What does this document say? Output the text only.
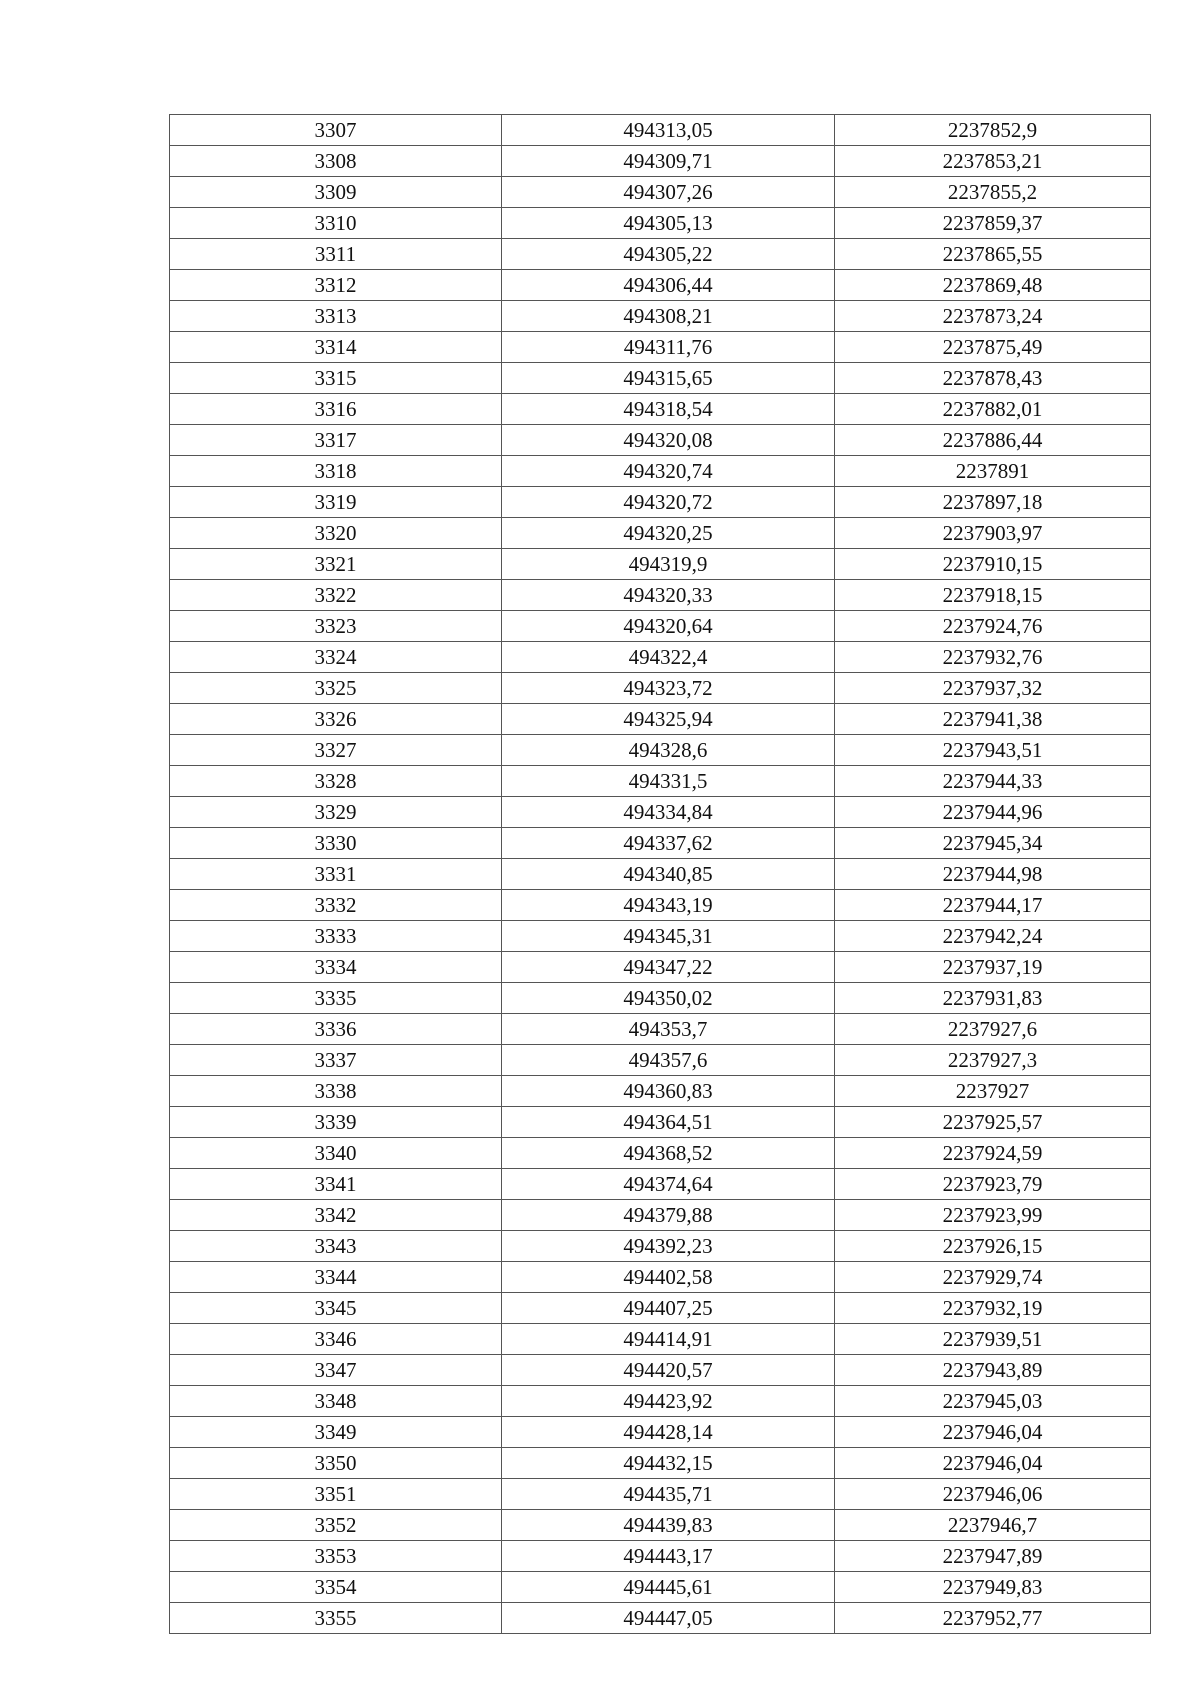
3307	494313,05	2237852,9
3308	494309,71	2237853,21
3309	494307,26	2237855,2
3310	494305,13	2237859,37
3311	494305,22	2237865,55
3312	494306,44	2237869,48
3313	494308,21	2237873,24
3314	494311,76	2237875,49
3315	494315,65	2237878,43
3316	494318,54	2237882,01
3317	494320,08	2237886,44
3318	494320,74	2237891
3319	494320,72	2237897,18
3320	494320,25	2237903,97
3321	494319,9	2237910,15
3322	494320,33	2237918,15
3323	494320,64	2237924,76
3324	494322,4	2237932,76
3325	494323,72	2237937,32
3326	494325,94	2237941,38
3327	494328,6	2237943,51
3328	494331,5	2237944,33
3329	494334,84	2237944,96
3330	494337,62	2237945,34
3331	494340,85	2237944,98
3332	494343,19	2237944,17
3333	494345,31	2237942,24
3334	494347,22	2237937,19
3335	494350,02	2237931,83
3336	494353,7	2237927,6
3337	494357,6	2237927,3
3338	494360,83	2237927
3339	494364,51	2237925,57
3340	494368,52	2237924,59
3341	494374,64	2237923,79
3342	494379,88	2237923,99
3343	494392,23	2237926,15
3344	494402,58	2237929,74
3345	494407,25	2237932,19
3346	494414,91	2237939,51
3347	494420,57	2237943,89
3348	494423,92	2237945,03
3349	494428,14	2237946,04
3350	494432,15	2237946,04
3351	494435,71	2237946,06
3352	494439,83	2237946,7
3353	494443,17	2237947,89
3354	494445,61	2237949,83
3355	494447,05	2237952,77
